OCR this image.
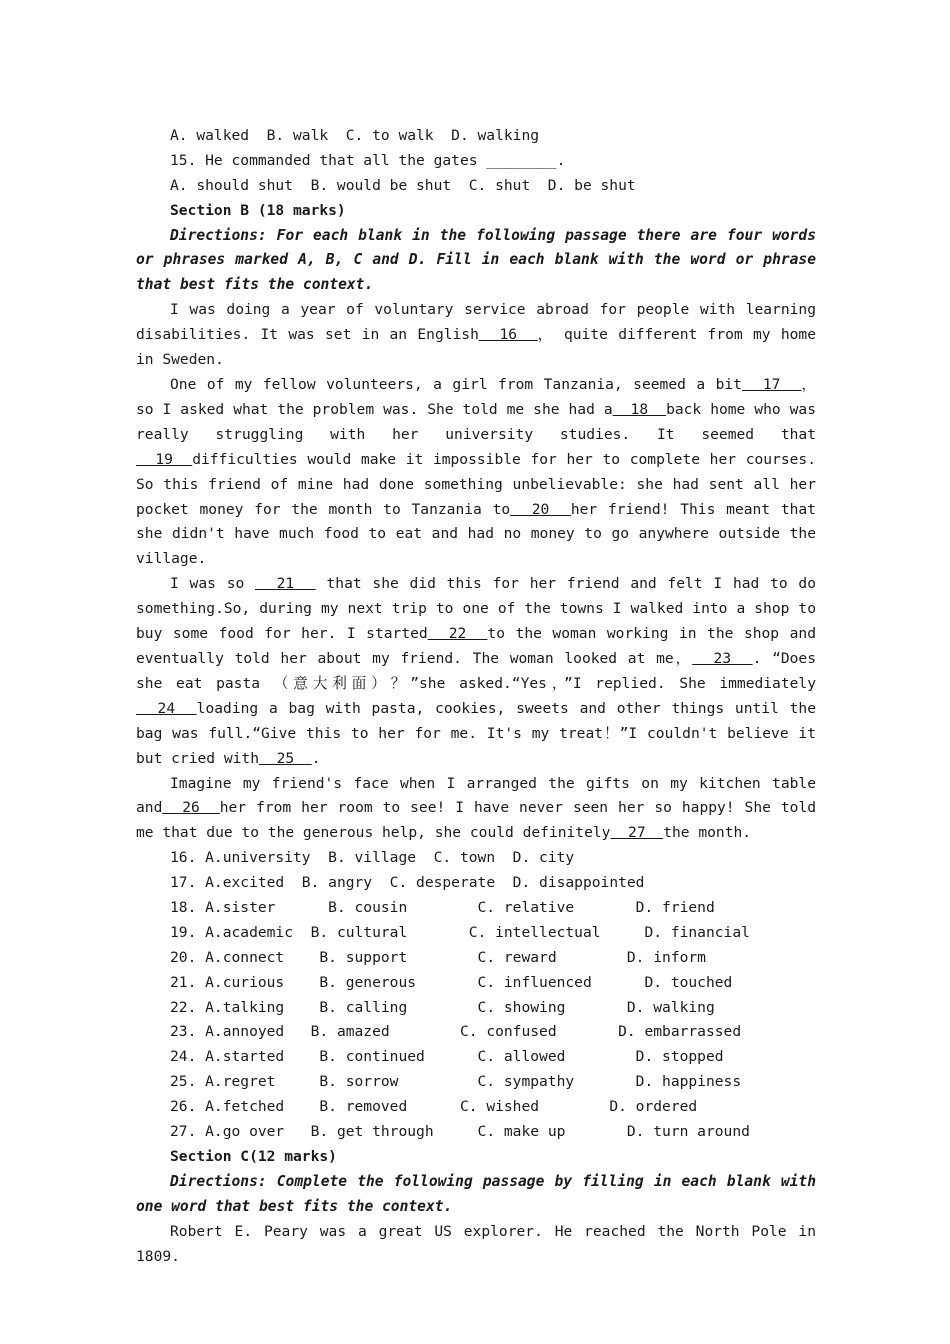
A. walked  B. walk  C. to walk  D. walking
15. He commanded that all the gates ________.
A. should shut  B. would be shut  C. shut  D. be shut
Section B (18 marks)

Directions: For each blank in the following passage there are four words or phrases marked A, B, C and D. Fill in each blank with the word or phrase that best fits the context.

I was doing a year of voluntary service abroad for people with learning disabilities. It was set in an English  16  ， quite different from my home in Sweden.

One of my fellow volunteers, a girl from Tanzania, seemed a bit  17  ， so I asked what the problem was. She told me she had a  18  back home who was really struggling with her university studies. It seemed that  19  difficulties would make it impossible for her to complete her courses. So this friend of mine had done something unbelievable: she had sent all her pocket money for the month to Tanzania to  20  her friend! This meant that she didn't have much food to eat and had no money to go anywhere outside the village.

I was so   21   that she did this for her friend and felt I had to do something.So, during my next trip to one of the towns I walked into a shop to buy some food for her. I started  22  to the woman working in the shop and eventually told her about my friend. The woman looked at me，  23  . “Does she eat pasta （意大利面）？”she asked.“Yes，”I replied. She immediately  24  loading a bag with pasta, cookies, sweets and other things until the bag was full.“Give this to her for me. It's my treat！”I couldn't believe it but cried with  25  .

Imagine my friend's face when I arranged the gifts on my kitchen table and  26  her from her room to see! I have never seen her so happy! She told me that due to the generous help, she could definitely  27  the month.

16. A.university B. village  C. town  D. city
17. A.excited B. angry  C. desperate  D. disappointed
18. A.sister B. cousin        C. relative       D. friend
19. A.academic B. cultural       C. intellectual     D. financial
20. A.connect B. support        C. reward        D. inform
21. A.curious B. generous       C. influenced      D. touched
22. A.talking B. calling        C. showing       D. walking
23. A.annoyed B. amazed        C. confused       D. embarrassed
24. A.started B. continued      C. allowed        D. stopped
25. A.regret B. sorrow         C. sympathy       D. happiness
26. A.fetched B. removed      C. wished        D. ordered
27. A.go over B. get through     C. make up       D. turn around
Section C(12 marks)

Directions: Complete the following passage by filling in each blank with one word that best fits the context.

Robert E. Peary was a great US explorer. He reached the North Pole in 1809.
